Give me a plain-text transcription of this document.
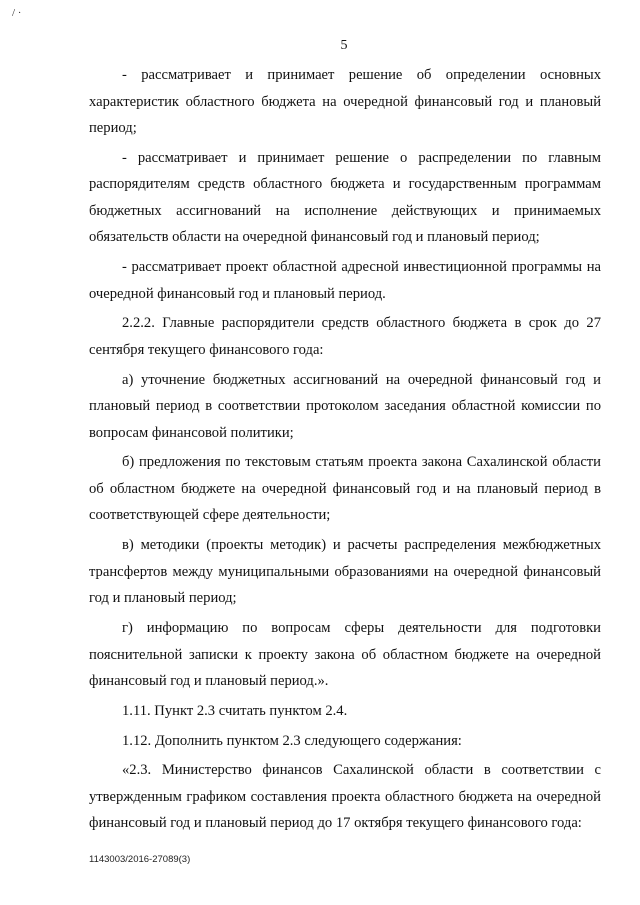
/ ·
5

- рассматривает и принимает решение об определении основных характеристик областного бюджета на очередной финансовый год и плановый период;

- рассматривает и принимает решение о распределении по главным распорядителям средств областного бюджета и государственным программам бюджетных ассигнований на исполнение действующих и принимаемых обязательств области на очередной финансовый год и плановый период;

- рассматривает проект областной адресной инвестиционной программы на очередной финансовый год и плановый период.

2.2.2. Главные распорядители средств областного бюджета в срок до 27 сентября текущего финансового года:

а) уточнение бюджетных ассигнований на очередной финансовый год и плановый период в соответствии протоколом заседания областной комиссии по вопросам финансовой политики;

б) предложения по текстовым статьям проекта закона Сахалинской области об областном бюджете на очередной финансовый год и на плановый период в соответствующей сфере деятельности;

в) методики (проекты методик) и расчеты распределения межбюджетных трансфертов между муниципальными образованиями на очередной финансовый год и плановый период;

г) информацию по вопросам сферы деятельности для подготовки пояснительной записки к проекту закона об областном бюджете на очередной финансовый год и плановый период.».

1.11. Пункт 2.3 считать пунктом 2.4.

1.12. Дополнить пунктом 2.3 следующего содержания:

«2.3. Министерство финансов Сахалинской области в соответствии с утвержденным графиком составления проекта областного бюджета на очередной финансовый год и плановый период до 17 октября текущего финансового года:

1143003/2016-27089(3)
